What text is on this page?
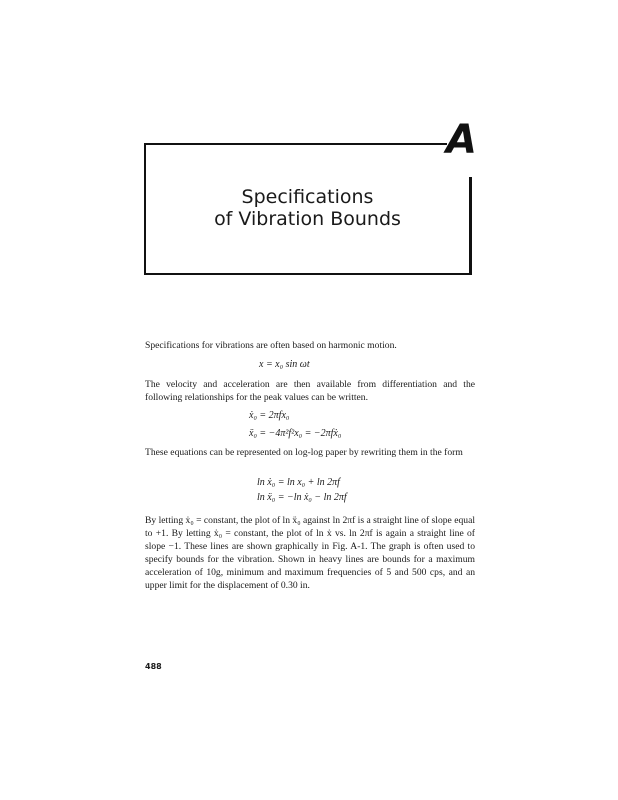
A
Specifications
of Vibration Bounds

Specifications for vibrations are often based on harmonic motion.

x = x₀ sin ωt

The velocity and acceleration are then available from differentiation and the following relationships for the peak values can be written.

ẋ₀ = 2πfx₀
ẍ₀ = −4π²f²x₀ = −2πfẋ₀

These equations can be represented on log-log paper by rewriting them in the form

ln ẋ₀ = ln x₀ + ln 2πf
ln ẍ₀ = −ln ẋ₀ − ln 2πf

By letting ẋ₀ = constant, the plot of ln ẍ₀ against ln 2πf is a straight line of slope equal to +1. By letting ẋ₀ = constant, the plot of ln ẋ vs. ln 2πf is again a straight line of slope −1. These lines are shown graphically in Fig. A-1. The graph is often used to specify bounds for the vibration. Shown in heavy lines are bounds for a maximum acceleration of 10g, minimum and maximum frequencies of 5 and 500 cps, and an upper limit for the displacement of 0.30 in.

488
